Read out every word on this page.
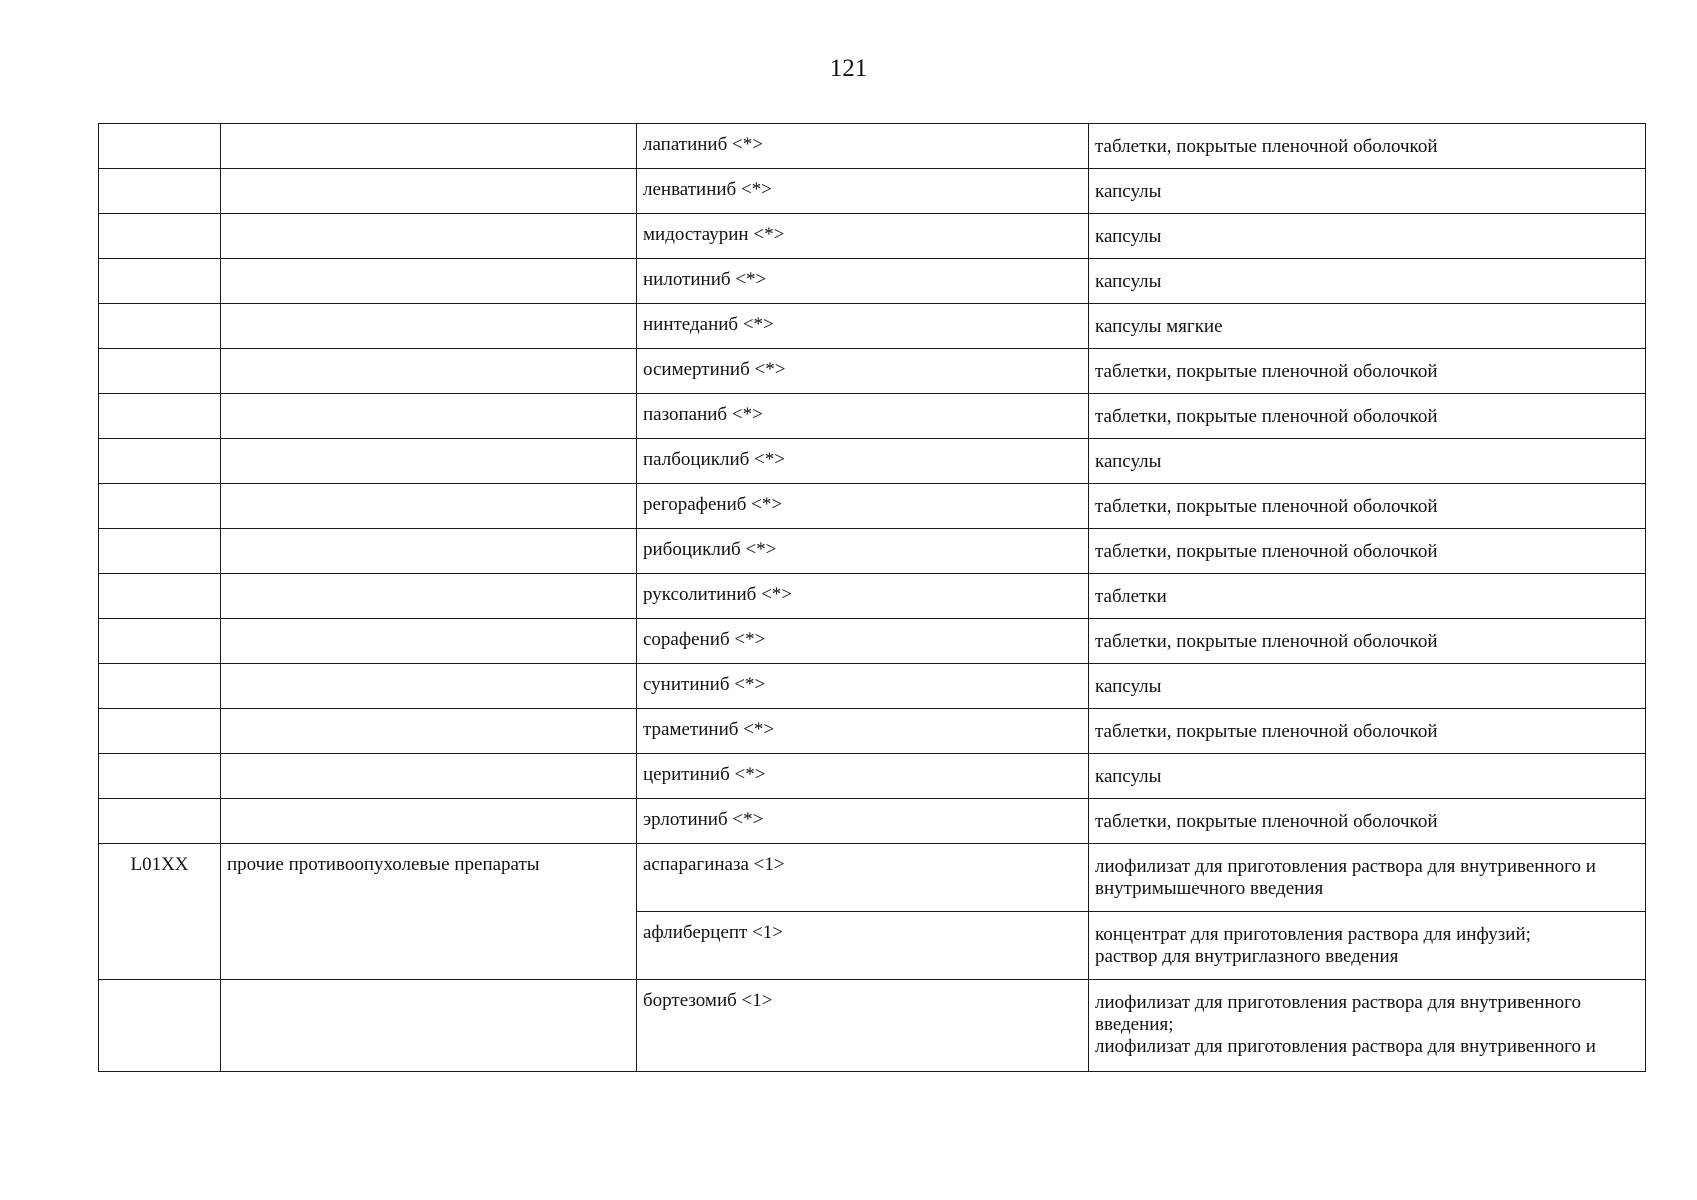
121

		лапатиниб <*>	таблетки, покрытые пленочной оболочкой

		ленватиниб <*>	капсулы

		мидостаурин <*>	капсулы

		нилотиниб <*>	капсулы

		нинтеданиб <*>	капсулы мягкие

		осимертиниб <*>	таблетки, покрытые пленочной оболочкой

		пазопаниб <*>	таблетки, покрытые пленочной оболочкой

		палбоциклиб <*>	капсулы

		регорафениб <*>	таблетки, покрытые пленочной оболочкой

		рибоциклиб <*>	таблетки, покрытые пленочной оболочкой

		руксолитиниб <*>	таблетки

		сорафениб <*>	таблетки, покрытые пленочной оболочкой

		сунитиниб <*>	капсулы

		траметиниб <*>	таблетки, покрытые пленочной оболочкой

		церитиниб <*>	капсулы

		эрлотиниб <*>	таблетки, покрытые пленочной оболочкой

L01XX	прочие противоопухолевые препараты	аспарагиназа <1>	лиофилизат для приготовления раствора для внутривенного и
внутримышечного введения

		афлиберцепт <1>	концентрат для приготовления раствора для инфузий;
раствор для внутриглазного введения

		бортезомиб <1>	лиофилизат для приготовления раствора для внутривенного
введения;
лиофилизат для приготовления раствора для внутривенного и
